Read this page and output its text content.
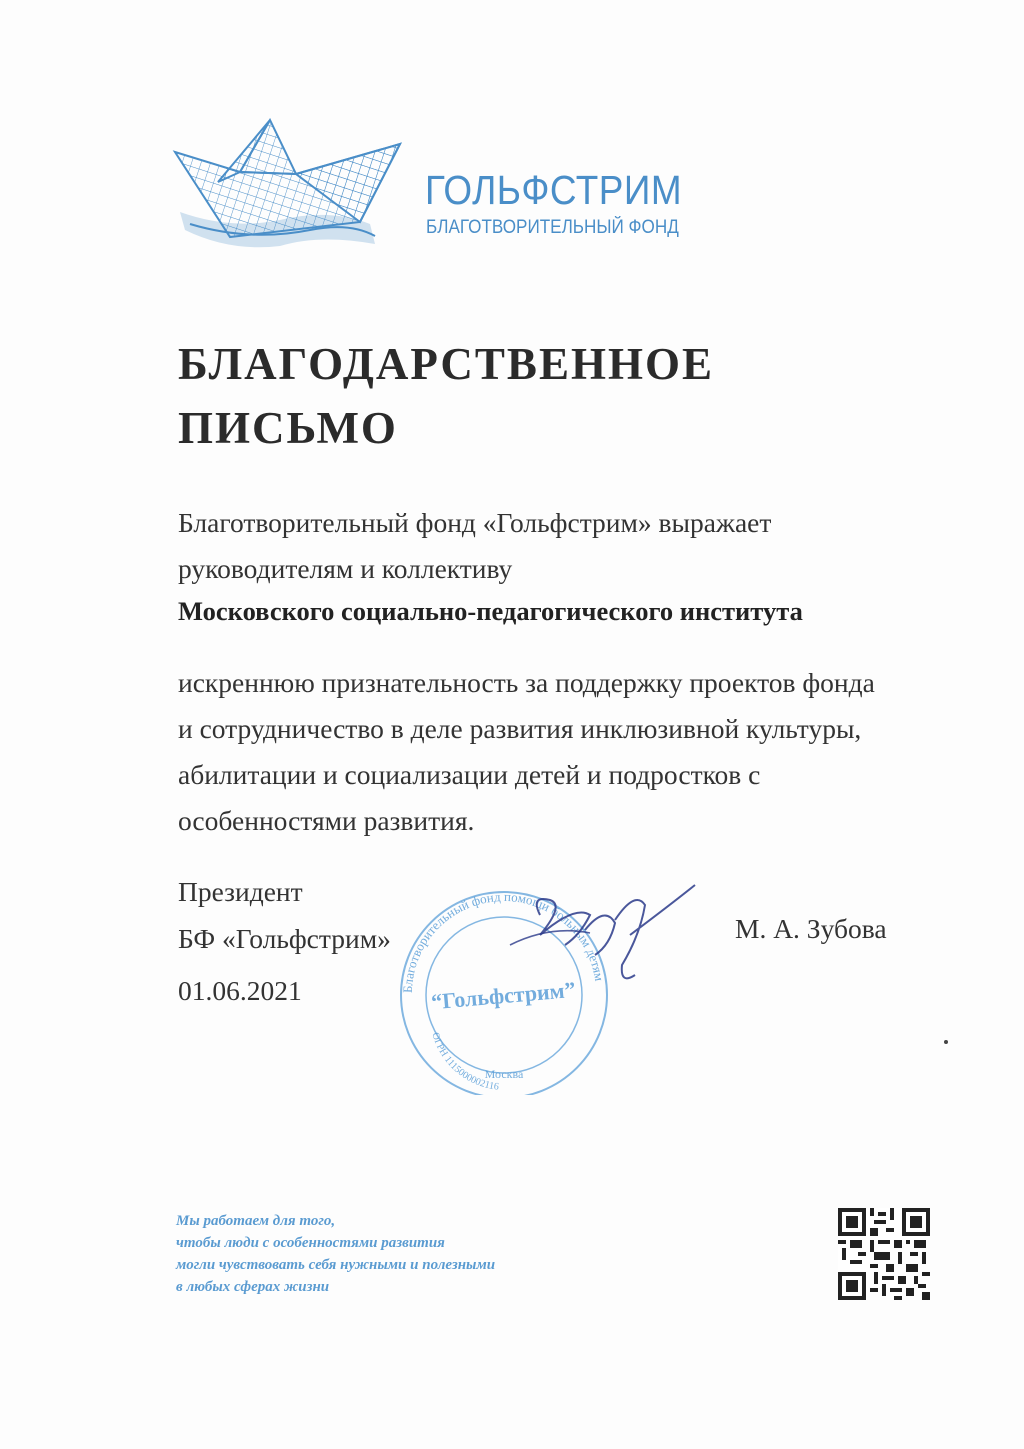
ГОЛЬФСТРИМ
БЛАГОТВОРИТЕЛЬНЫЙ ФОНД
БЛАГОДАРСТВЕННОЕ
ПИСЬМО
Благотворительный фонд «Гольфстрим» выражает
руководителям и коллективу
Московского социально-педагогического института
искреннюю признательность за поддержку проектов фонда
и сотрудничество в деле развития инклюзивной культуры,
абилитации и социализации детей и подростков с
особенностями развития.
Благотворительный фонд помощи больным детям
ОГРН 1115000002116
“Гольфстрим”
Москва
Президент
БФ «Гольфстрим»	М. А. Зубова
01.06.2021
Мы работаем для того,
чтобы люди с особенностями развития
могли чувствовать себя нужными и полезными
в любых сферах жизни
